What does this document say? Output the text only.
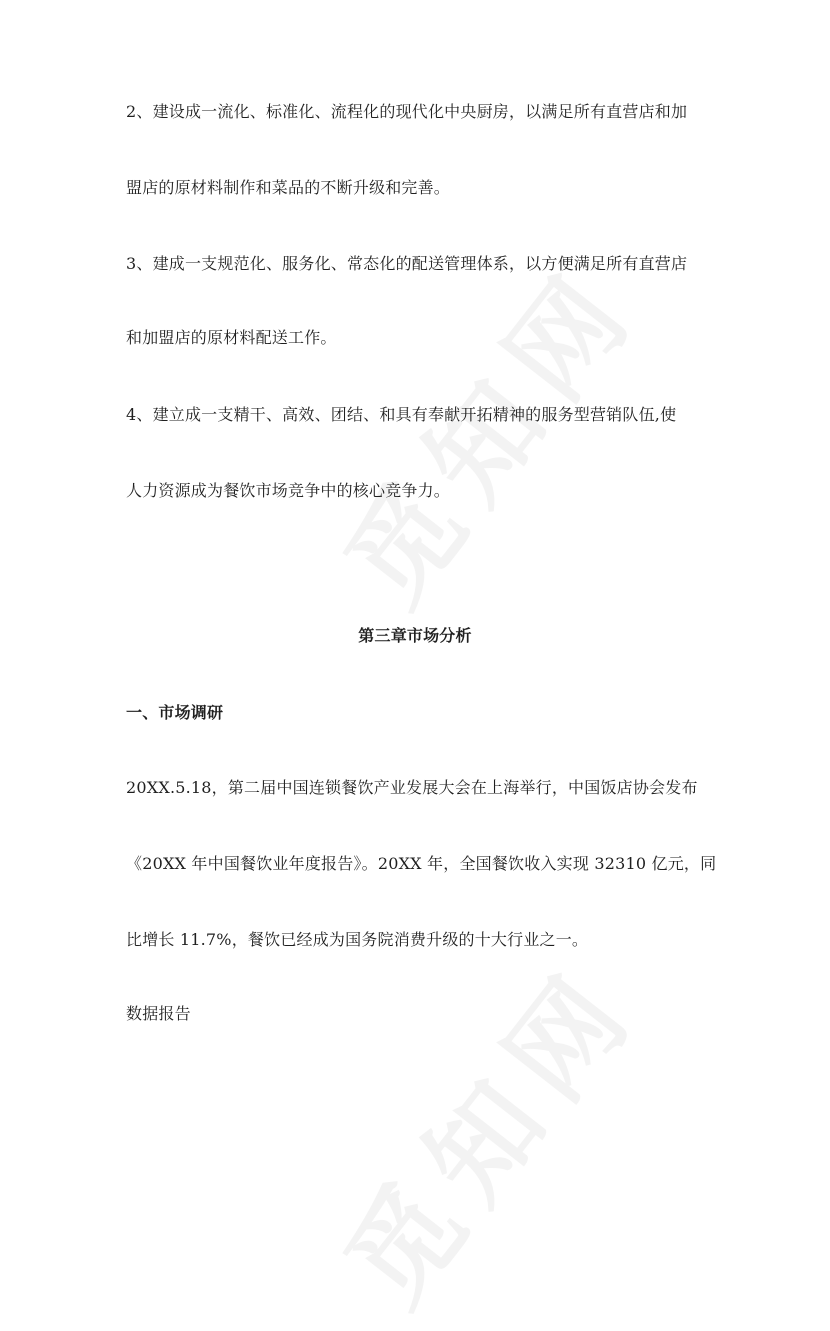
2、建设成一流化、标准化、流程化的现代化中央厨房，以满足所有直营店和加
盟店的原材料制作和菜品的不断升级和完善。
3、建成一支规范化、服务化、常态化的配送管理体系，以方便满足所有直营店
和加盟店的原材料配送工作。
4、建立成一支精干、高效、团结、和具有奉献开拓精神的服务型营销队伍,使
人力资源成为餐饮市场竞争中的核心竞争力。
第三章市场分析
一、市场调研
20XX.5.18，第二届中国连锁餐饮产业发展大会在上海举行，中国饭店协会发布
《20XX 年中国餐饮业年度报告》。20XX 年，全国餐饮收入实现 32310 亿元，同
比增长 11.7%，餐饮已经成为国务院消费升级的十大行业之一。
数据报告
